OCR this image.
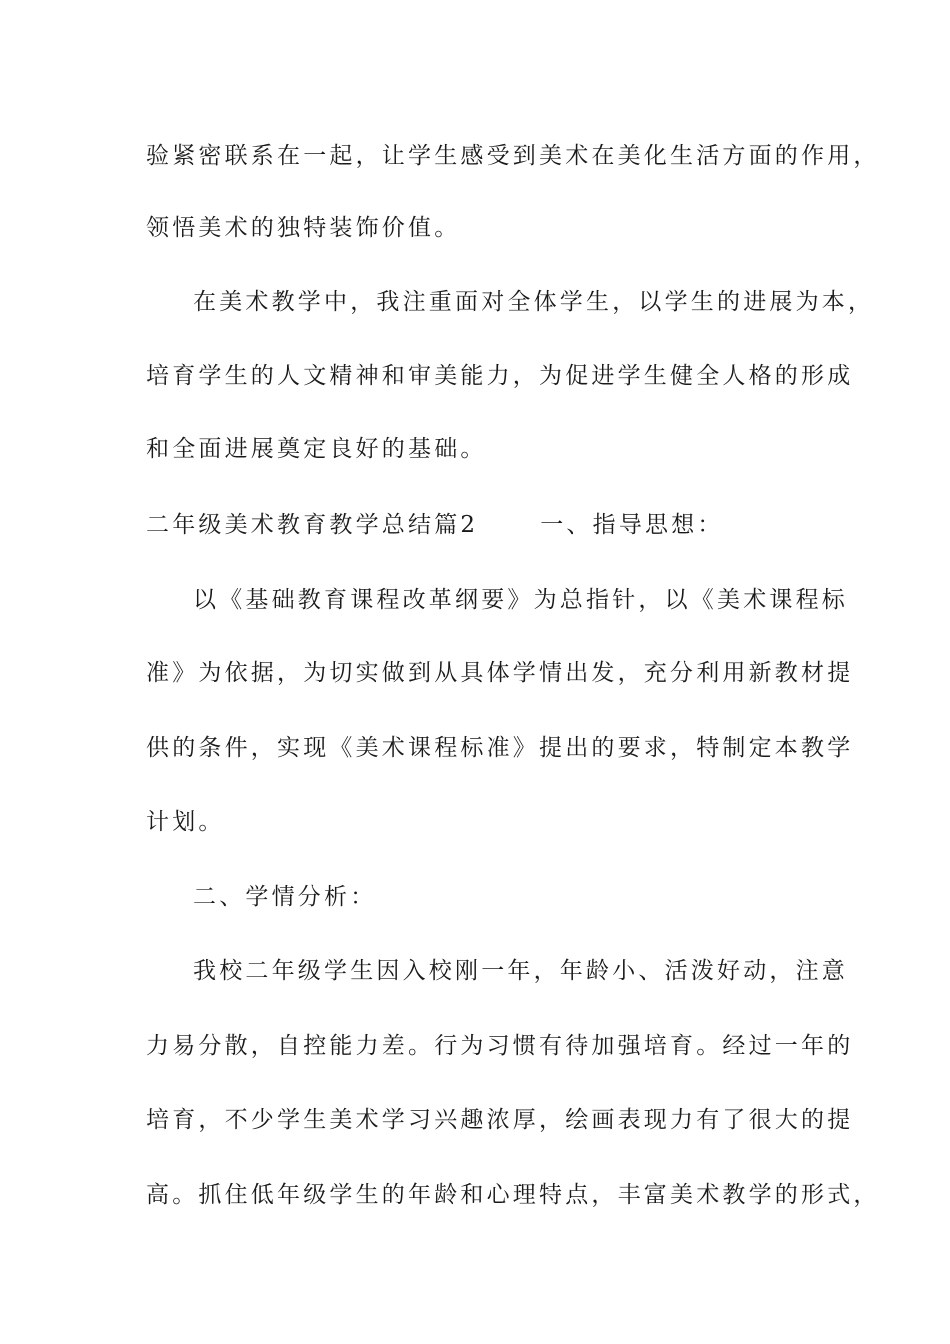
验紧密联系在一起，让学生感受到美术在美化生活方面的作用，
领悟美术的独特装饰价值。
在美术教学中，我注重面对全体学生，以学生的进展为本，
培育学生的人文精神和审美能力，为促进学生健全人格的形成
和全面进展奠定良好的基础。
二年级美术教育教学总结篇2	一、指导思想：
以《基础教育课程改革纲要》为总指针，以《美术课程标
准》为依据，为切实做到从具体学情出发，充分利用新教材提
供的条件，实现《美术课程标准》提出的要求，特制定本教学
计划。
二、学情分析：
我校二年级学生因入校刚一年，年龄小、活泼好动，注意
力易分散，自控能力差。行为习惯有待加强培育。经过一年的
培育，不少学生美术学习兴趣浓厚，绘画表现力有了很大的提
高。抓住低年级学生的年龄和心理特点，丰富美术教学的形式，
